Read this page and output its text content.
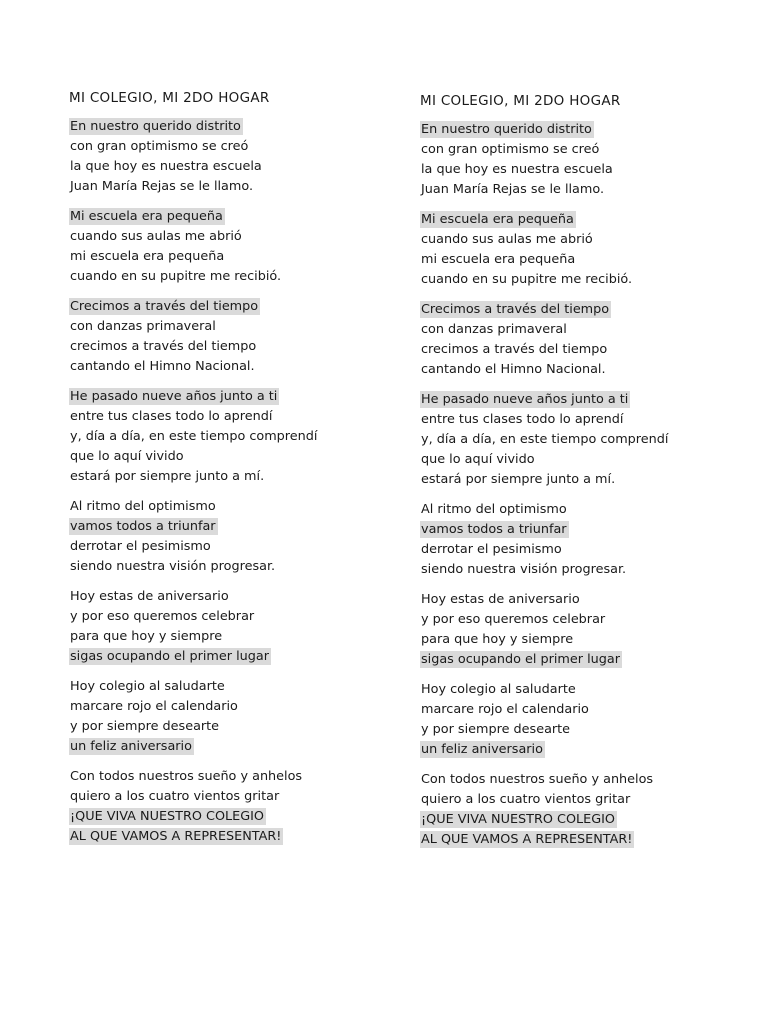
MI COLEGIO, MI 2DO HOGAR
En nuestro querido distrito
con gran optimismo se creó
la que hoy es nuestra escuela
Juan María Rejas se le llamo.
Mi escuela era pequeña
cuando sus aulas me abrió
mi escuela era pequeña
cuando en su pupitre me recibió.
Crecimos a través del tiempo
con danzas primaveral
crecimos a través del tiempo
cantando el Himno Nacional.
He pasado nueve años junto a ti
entre tus clases todo lo aprendí
y, día a día, en este tiempo comprendí
que lo aquí vivido
estará por siempre junto a mí.
Al ritmo del optimismo
vamos todos a triunfar
derrotar el pesimismo
siendo nuestra visión progresar.
Hoy estas de aniversario
y por eso queremos celebrar
para que hoy y siempre
sigas ocupando el primer lugar
Hoy colegio al saludarte
marcare rojo el calendario
y por siempre desearte
un feliz aniversario
Con todos nuestros sueño y anhelos
quiero a los cuatro vientos gritar
¡QUE VIVA NUESTRO COLEGIO
AL QUE VAMOS A REPRESENTAR!
MI COLEGIO, MI 2DO HOGAR
En nuestro querido distrito
con gran optimismo se creó
la que hoy es nuestra escuela
Juan María Rejas se le llamo.
Mi escuela era pequeña
cuando sus aulas me abrió
mi escuela era pequeña
cuando en su pupitre me recibió.
Crecimos a través del tiempo
con danzas primaveral
crecimos a través del tiempo
cantando el Himno Nacional.
He pasado nueve años junto a ti
entre tus clases todo lo aprendí
y, día a día, en este tiempo comprendí
que lo aquí vivido
estará por siempre junto a mí.
Al ritmo del optimismo
vamos todos a triunfar
derrotar el pesimismo
siendo nuestra visión progresar.
Hoy estas de aniversario
y por eso queremos celebrar
para que hoy y siempre
sigas ocupando el primer lugar
Hoy colegio al saludarte
marcare rojo el calendario
y por siempre desearte
un feliz aniversario
Con todos nuestros sueño y anhelos
quiero a los cuatro vientos gritar
¡QUE VIVA NUESTRO COLEGIO
AL QUE VAMOS A REPRESENTAR!
